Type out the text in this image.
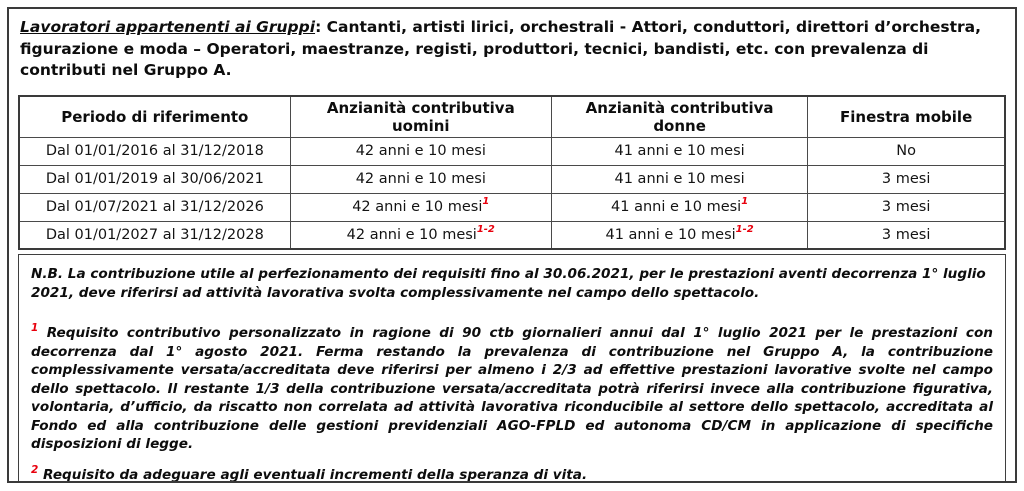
Lavoratori appartenenti ai Gruppi: Cantanti, artisti lirici, orchestrali - Attori, conduttori, direttori d’orchestra, figurazione e moda – Operatori, maestranze, registi, produttori, tecnici, bandisti, etc. con prevalenza di contributi nel Gruppo A.

Periodo di riferimento	Anzianità contributiva uomini	Anzianità contributiva donne	Finestra mobile
Dal 01/01/2016 al 31/12/2018	42 anni e 10 mesi	41 anni e 10 mesi	No
Dal 01/01/2019 al 30/06/2021	42 anni e 10 mesi	41 anni e 10 mesi	3 mesi
Dal 01/07/2021 al 31/12/2026	42 anni e 10 mesi$^1$	41 anni e 10 mesi$^1$	3 mesi
Dal 01/01/2027 al 31/12/2028	42 anni e 10 mesi$^{1-2}$	41 anni e 10 mesi$^{1-2}$	3 mesi

N.B. La contribuzione utile al perfezionamento dei requisiti fino al 30.06.2021, per le prestazioni aventi decorrenza 1° luglio 2021, deve riferirsi ad attività lavorativa svolta complessivamente nel campo dello spettacolo.

$^1$ Requisito contributivo personalizzato in ragione di 90 ctb giornalieri annui dal 1° luglio 2021 per le prestazioni con decorrenza dal 1° agosto 2021. Ferma restando la prevalenza di contribuzione nel Gruppo A, la contribuzione complessivamente versata/accreditata deve riferirsi per almeno i 2/3 ad effettive prestazioni lavorative svolte nel campo dello spettacolo. Il restante 1/3 della contribuzione versata/accreditata potrà riferirsi invece alla contribuzione figurativa, volontaria, d’ufficio, da riscatto non correlata ad attività lavorativa riconducibile al settore dello spettacolo, accreditata al Fondo ed alla contribuzione delle gestioni previdenziali AGO-FPLD ed autonoma CD/CM in applicazione di specifiche disposizioni di legge.

$^2$ Requisito da adeguare agli eventuali incrementi della speranza di vita.
